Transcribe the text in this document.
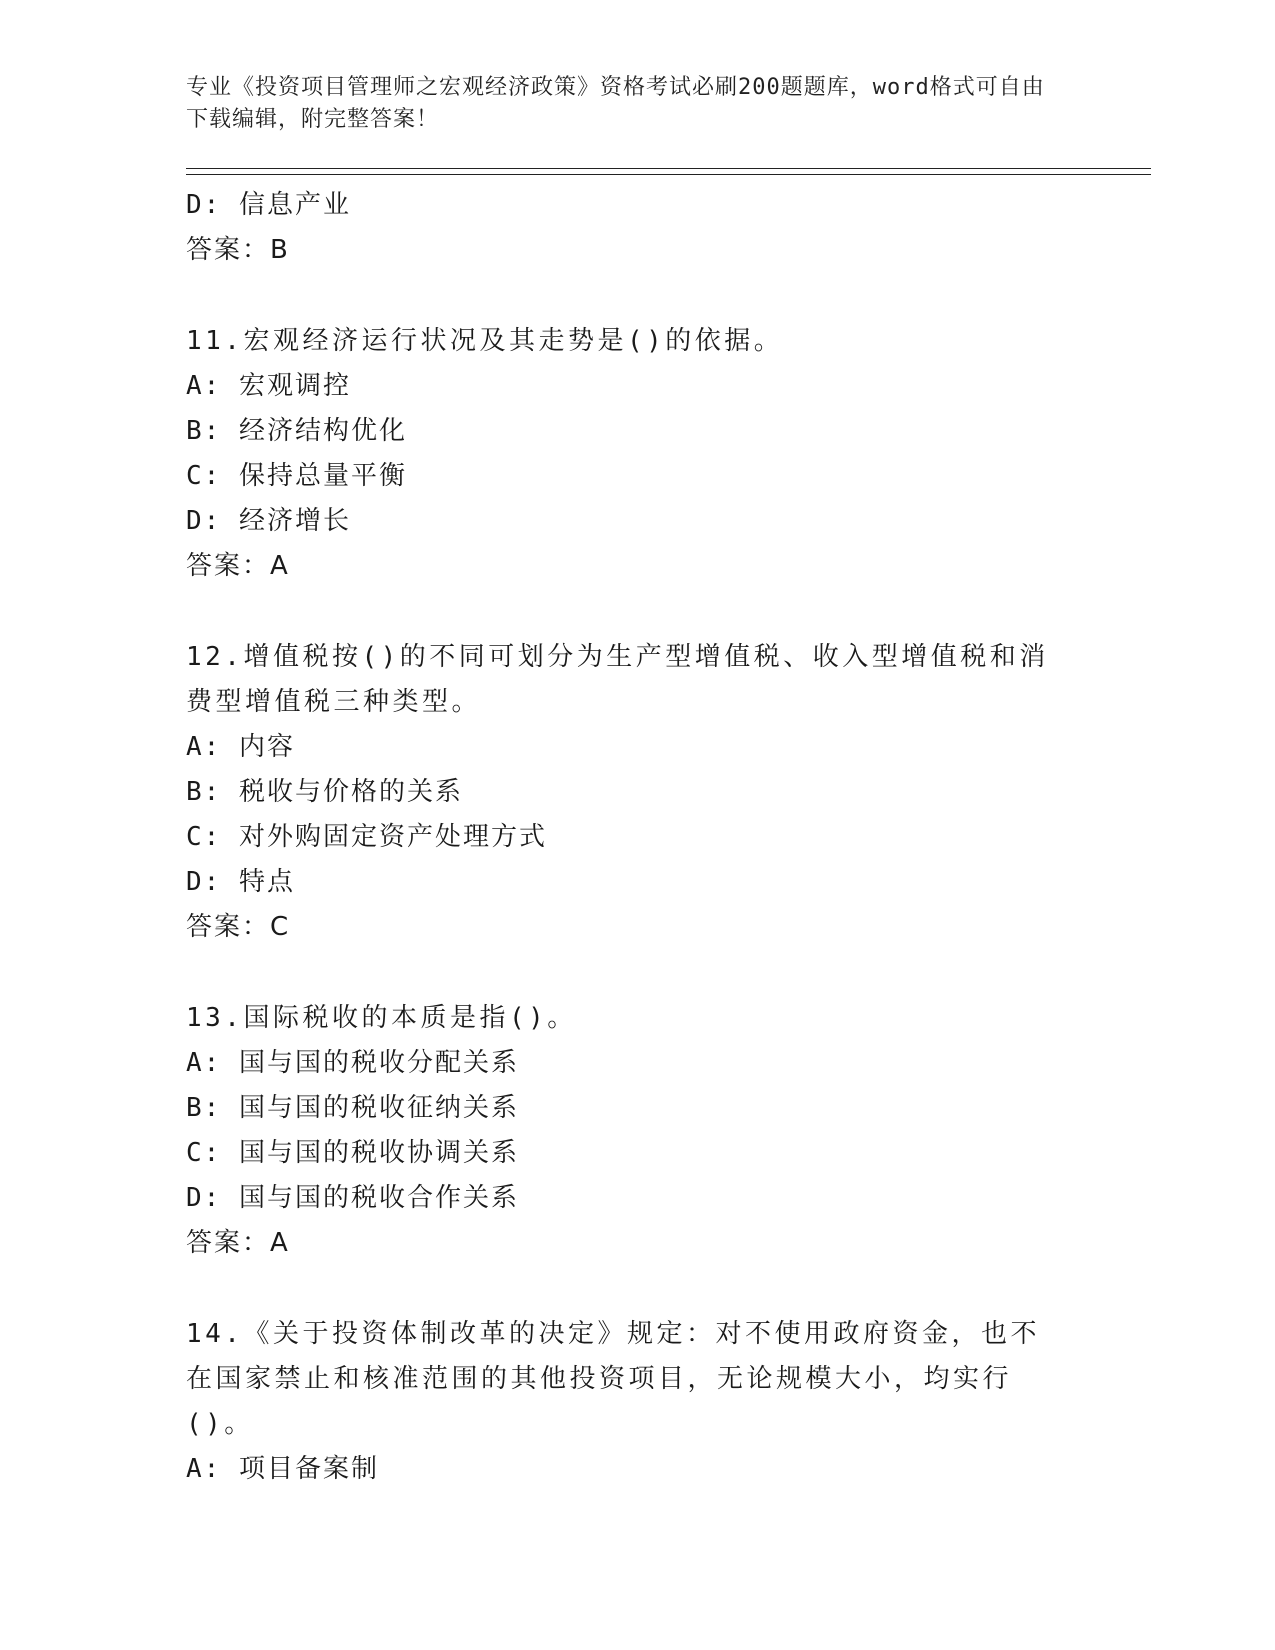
专业《投资项目管理师之宏观经济政策》资格考试必刷200题题库，word格式可自由下载编辑，附完整答案！

D: 信息产业

答案：B

11.宏观经济运行状况及其走势是()的依据。

A: 宏观调控

B: 经济结构优化

C: 保持总量平衡

D: 经济增长

答案：A

12.增值税按()的不同可划分为生产型增值税、收入型增值税和消费型增值税三种类型。

A: 内容

B: 税收与价格的关系

C: 对外购固定资产处理方式

D: 特点

答案：C

13.国际税收的本质是指()。

A: 国与国的税收分配关系

B: 国与国的税收征纳关系

C: 国与国的税收协调关系

D: 国与国的税收合作关系

答案：A

14.《关于投资体制改革的决定》规定：对不使用政府资金，也不在国家禁止和核准范围的其他投资项目，无论规模大小，均实行()。

A: 项目备案制
